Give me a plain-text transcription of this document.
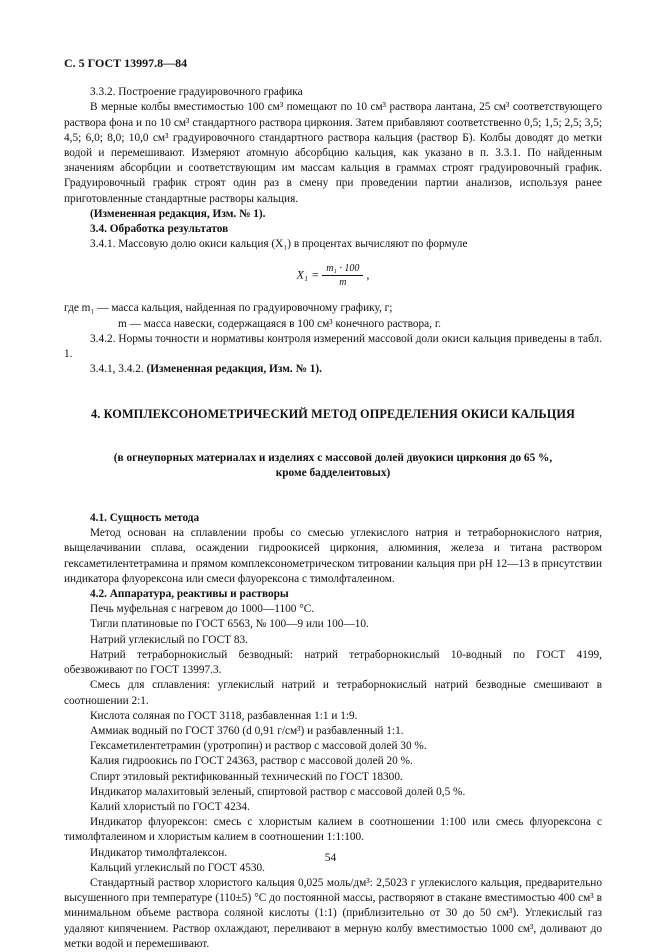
С. 5 ГОСТ 13997.8—84

3.3.2. Построение градуировочного графика

В мерные колбы вместимостью 100 см³ помещают по 10 см³ раствора лантана, 25 см³ соответствующего раствора фона и по 10 см³ стандартного раствора циркония. Затем прибавляют соответственно 0,5; 1,5; 2,5; 3,5; 4,5; 6,0; 8,0; 10,0 см³ градуировочного стандартного раствора кальция (раствор Б). Колбы доводят до метки водой и перемешивают. Измеряют атомную абсорбцию кальция, как указано в п. 3.3.1. По найденным значениям абсорбции и соответствующим им массам кальция в граммах строят градуировочный график. Градуировочный график строят один раз в смену при проведении партии анализов, используя ранее приготовленные стандартные растворы кальция.

(Измененная редакция, Изм. № 1).

3.4. Обработка результатов

3.4.1. Массовую долю окиси кальция (X₁) в процентах вычисляют по формуле

$X_1 = \frac{\text{m₁ · 100}}{m}$ ,

где m₁ — масса кальция, найденная по градуировочному графику, г;

m — масса навески, содержащаяся в 100 см³ конечного раствора, г.

3.4.2. Нормы точности и нормативы контроля измерений массовой доли окиси кальция приведены в табл. 1.

3.4.1, 3.4.2. (Измененная редакция, Изм. № 1).

4. КОМПЛЕКСОНОМЕТРИЧЕСКИЙ МЕТОД ОПРЕДЕЛЕНИЯ ОКИСИ КАЛЬЦИЯ
(в огнеупорных материалах и изделиях с массовой долей двуокиси циркония до 65 %,
кроме бадделеитовых)

4.1. Сущность метода

Метод основан на сплавлении пробы со смесью углекислого натрия и тетраборнокислого натрия, выщелачивании сплава, осаждении гидроокисей циркония, алюминия, железа и титана раствором гексаметилентетрамина и прямом комплексонометрическом титровании кальция при pH 12—13 в присутствии индикатора флуорексона или смеси флуорексона с тимолфталеином.

4.2. Аппаратура, реактивы и растворы

Печь муфельная с нагревом до 1000—1100 °С.

Тигли платиновые по ГОСТ 6563, № 100—9 или 100—10.

Натрий углекислый по ГОСТ 83.

Натрий тетраборнокислый безводный: натрий тетраборнокислый 10-водный по ГОСТ 4199, обезвоживают по ГОСТ 13997.3.

Смесь для сплавления: углекислый натрий и тетраборнокислый натрий безводные смешивают в соотношении 2:1.

Кислота соляная по ГОСТ 3118, разбавленная 1:1 и 1:9.

Аммиак водный по ГОСТ 3760 (d 0,91 г/см³) и разбавленный 1:1.

Гексаметилентетрамин (уротропин) и раствор с массовой долей 30 %.

Калия гидроокись по ГОСТ 24363, раствор с массовой долей 20 %.

Спирт этиловый ректификованный технический по ГОСТ 18300.

Индикатор малахитовый зеленый, спиртовой раствор с массовой долей 0,5 %.

Калий хлористый по ГОСТ 4234.

Индикатор флуорексон: смесь с хлористым калием в соотношении 1:100 или смесь флуорексона с тимолфталеином и хлористым калием в соотношении 1:1:100.

Индикатор тимолфталексон.

Кальций углекислый по ГОСТ 4530.

Стандартный раствор хлористого кальция 0,025 моль/дм³: 2,5023 г углекислого кальция, предварительно высушенного при температуре (110±5) °С до постоянной массы, растворяют в стакане вместимостью 400 см³ в минимальном объеме раствора соляной кислоты (1:1) (приблизительно от 30 до 50 см³). Углекислый газ удаляют кипячением. Раствор охлаждают, переливают в мерную колбу вместимостью 1000 см³, доливают до метки водой и перемешивают.

54
